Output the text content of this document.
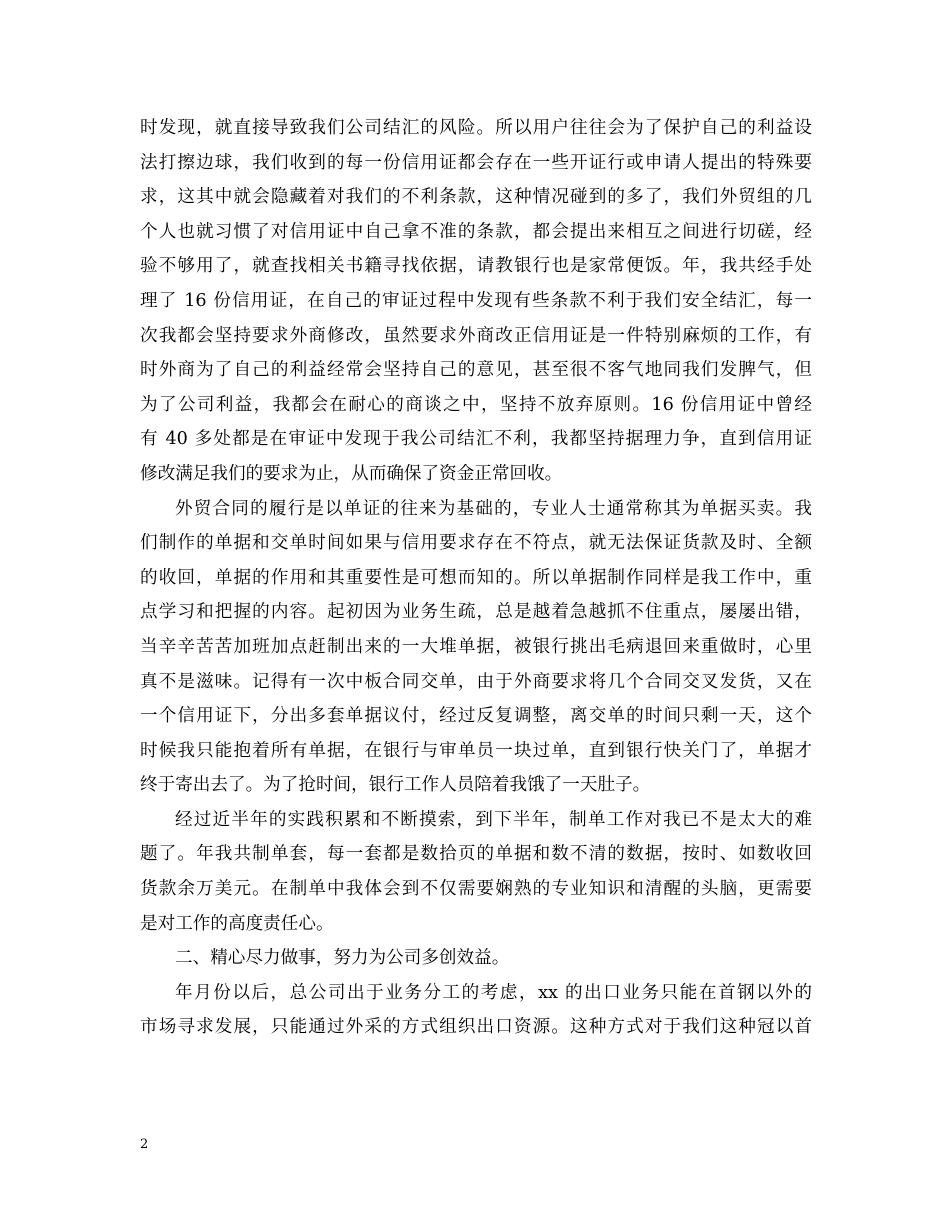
时发现，就直接导致我们公司结汇的风险。所以用户往往会为了保护自己的利益设
法打擦边球，我们收到的每一份信用证都会存在一些开证行或申请人提出的特殊要
求，这其中就会隐藏着对我们的不利条款，这种情况碰到的多了，我们外贸组的几
个人也就习惯了对信用证中自己拿不准的条款，都会提出来相互之间进行切磋，经
验不够用了，就查找相关书籍寻找依据，请教银行也是家常便饭。年，我共经手处
理了 16 份信用证，在自己的审证过程中发现有些条款不利于我们安全结汇，每一
次我都会坚持要求外商修改，虽然要求外商改正信用证是一件特别麻烦的工作，有
时外商为了自己的利益经常会坚持自己的意见，甚至很不客气地同我们发脾气，但
为了公司利益，我都会在耐心的商谈之中，坚持不放弃原则。16 份信用证中曾经
有 40 多处都是在审证中发现于我公司结汇不利，我都坚持据理力争，直到信用证
修改满足我们的要求为止，从而确保了资金正常回收。
外贸合同的履行是以单证的往来为基础的，专业人士通常称其为单据买卖。我
们制作的单据和交单时间如果与信用要求存在不符点，就无法保证货款及时、全额
的收回，单据的作用和其重要性是可想而知的。所以单据制作同样是我工作中，重
点学习和把握的内容。起初因为业务生疏，总是越着急越抓不住重点，屡屡出错，
当辛辛苦苦加班加点赶制出来的一大堆单据，被银行挑出毛病退回来重做时，心里
真不是滋味。记得有一次中板合同交单，由于外商要求将几个合同交叉发货，又在
一个信用证下，分出多套单据议付，经过反复调整，离交单的时间只剩一天，这个
时候我只能抱着所有单据，在银行与审单员一块过单，直到银行快关门了，单据才
终于寄出去了。为了抢时间，银行工作人员陪着我饿了一天肚子。
经过近半年的实践积累和不断摸索，到下半年，制单工作对我已不是太大的难
题了。年我共制单套，每一套都是数拾页的单据和数不清的数据，按时、如数收回
货款余万美元。在制单中我体会到不仅需要娴熟的专业知识和清醒的头脑，更需要
是对工作的高度责任心。
二、精心尽力做事，努力为公司多创效益。
年月份以后，总公司出于业务分工的考虑，xx 的出口业务只能在首钢以外的
市场寻求发展，只能通过外采的方式组织出口资源。这种方式对于我们这种冠以首
2
